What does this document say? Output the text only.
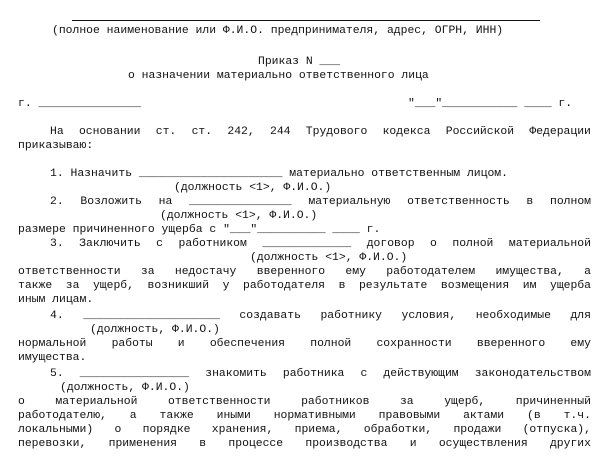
(полное наименование или Ф.И.О. предпринимателя, адрес, ОГРН, ИНН)
Приказ N ___
о назначении материально ответственного лица
г. _______________	"___"___________ ____ г.
На основании ст. ст. 242, 244 Трудового кодекса Российской Федерации
приказываю:
1. Назначить _____________________ материально ответственным лицом.
(должность <1>, Ф.И.О.)
2. Возложить на _______________ материальную ответственность в полном
(должность <1>, Ф.И.О.)
размере причиненного ущерба с "___"__________ ____ г.
3. Заключить с работником _____________ договор о полной материальной
(должность <1>, Ф.И.О.)
ответственности за недостачу вверенного ему работодателем имущества, а
также за ущерб, возникший у работодателя в результате возмещения им ущерба
иным лицам.
4. ____________________ создавать работнику условия, необходимые для
(должность, Ф.И.О.)
нормальной работы и обеспечения полной сохранности вверенного ему
имущества.
5. ________________ знакомить работника с действующим законодательством
(должность, Ф.И.О.)
о	материальной	ответственности	работников	за	ущерб,	причиненный
работодателю, а также иными нормативными правовыми актами (в т.ч.
локальными) о порядке хранения, приема, обработки, продажи (отпуска),
перевозки, применения в процессе производства и осуществления других
